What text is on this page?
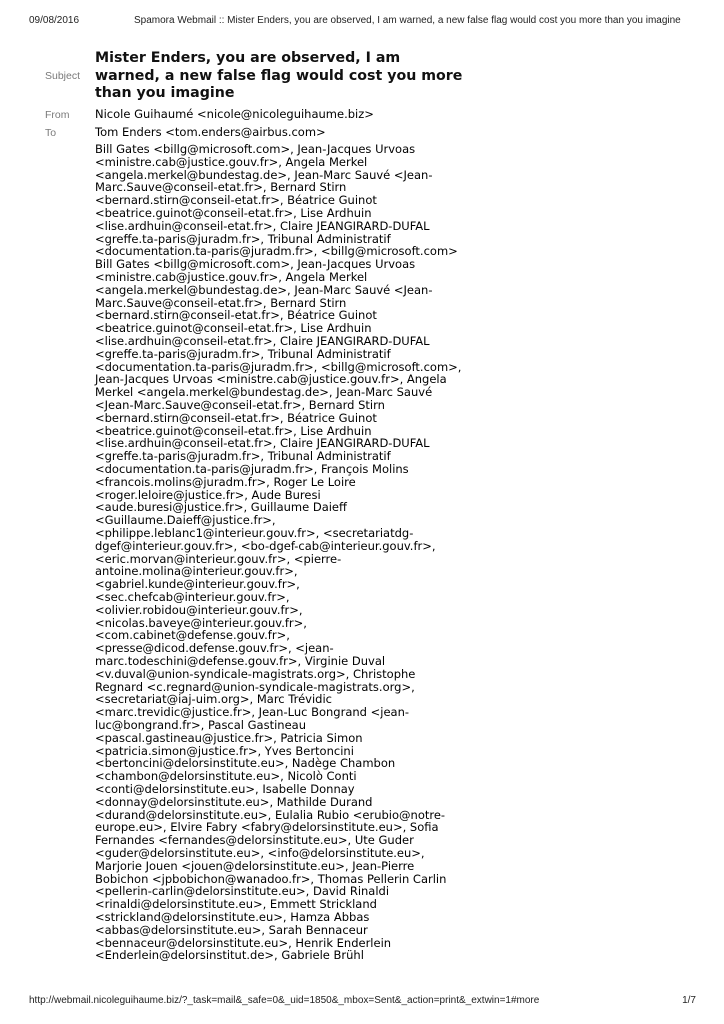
09/08/2016	Spamora Webmail :: Mister Enders, you are observed, I am warned, a new false flag would cost you more than you imagine
Subject
Mister Enders, you are observed, I am warned, a new false flag would cost you more than you imagine
From	Nicole Guihaumé <nicole@nicoleguihaume.biz>
To	Tom Enders <tom.enders@airbus.com>
Bill Gates <billg@microsoft.com>, Jean-Jacques Urvoas <ministre.cab@justice.gouv.fr>, Angela Merkel <angela.merkel@bundestag.de>, Jean-Marc Sauvé <Jean-Marc.Sauve@conseil-etat.fr>, Bernard Stirn <bernard.stirn@conseil-etat.fr>, Béatrice Guinot <beatrice.guinot@conseil-etat.fr>, Lise Ardhuin <lise.ardhuin@conseil-etat.fr>, Claire JEANGIRARD-DUFAL <greffe.ta-paris@juradm.fr>, Tribunal Administratif <documentation.ta-paris@juradm.fr>, <billg@microsoft.com> Bill Gates <billg@microsoft.com>, Jean-Jacques Urvoas <ministre.cab@justice.gouv.fr>, Angela Merkel <angela.merkel@bundestag.de>, Jean-Marc Sauvé <Jean-Marc.Sauve@conseil-etat.fr>, Bernard Stirn <bernard.stirn@conseil-etat.fr>, Béatrice Guinot <beatrice.guinot@conseil-etat.fr>, Lise Ardhuin <lise.ardhuin@conseil-etat.fr>, Claire JEANGIRARD-DUFAL <greffe.ta-paris@juradm.fr>, Tribunal Administratif <documentation.ta-paris@juradm.fr>, <billg@microsoft.com>, Jean-Jacques Urvoas <ministre.cab@justice.gouv.fr>, Angela Merkel <angela.merkel@bundestag.de>, Jean-Marc Sauvé <Jean-Marc.Sauve@conseil-etat.fr>, Bernard Stirn <bernard.stirn@conseil-etat.fr>, Béatrice Guinot <beatrice.guinot@conseil-etat.fr>, Lise Ardhuin <lise.ardhuin@conseil-etat.fr>, Claire JEANGIRARD-DUFAL <greffe.ta-paris@juradm.fr>, Tribunal Administratif <documentation.ta-paris@juradm.fr>, François Molins <francois.molins@juradm.fr>, Roger Le Loire <roger.leloire@justice.fr>, Aude Buresi <aude.buresi@justice.fr>, Guillaume Daieff <Guillaume.Daieff@justice.fr>, <philippe.leblanc1@interieur.gouv.fr>, <secretariatdg-dgef@interieur.gouv.fr>, <bo-dgef-cab@interieur.gouv.fr>, <eric.morvan@interieur.gouv.fr>, <pierre-antoine.molina@interieur.gouv.fr>, <gabriel.kunde@interieur.gouv.fr>, <sec.chefcab@interieur.gouv.fr>, <olivier.robidou@interieur.gouv.fr>, <nicolas.baveye@interieur.gouv.fr>, <com.cabinet@defense.gouv.fr>, <presse@dicod.defense.gouv.fr>, <jean-marc.todeschini@defense.gouv.fr>, Virginie Duval <v.duval@union-syndicale-magistrats.org>, Christophe Regnard <c.regnard@union-syndicale-magistrats.org>, <secretariat@iaj-uim.org>, Marc Trévidic <marc.trevidic@justice.fr>, Jean-Luc Bongrand <jean-luc@bongrand.fr>, Pascal Gastineau <pascal.gastineau@justice.fr>, Patricia Simon <patricia.simon@justice.fr>, Yves Bertoncini <bertoncini@delorsinstitute.eu>, Nadège Chambon <chambon@delorsinstitute.eu>, Nicolò Conti <conti@delorsinstitute.eu>, Isabelle Donnay <donnay@delorsinstitute.eu>, Mathilde Durand <durand@delorsinstitute.eu>, Eulalia Rubio <erubio@notre-europe.eu>, Elvire Fabry <fabry@delorsinstitute.eu>, Sofia Fernandes <fernandes@delorsinstitute.eu>, Ute Guder <guder@delorsinstitute.eu>, <info@delorsinstitute.eu>, Marjorie Jouen <jouen@delorsinstitute.eu>, Jean-Pierre Bobichon <jpbobichon@wanadoo.fr>, Thomas Pellerin Carlin <pellerin-carlin@delorsinstitute.eu>, David Rinaldi <rinaldi@delorsinstitute.eu>, Emmett Strickland <strickland@delorsinstitute.eu>, Hamza Abbas <abbas@delorsinstitute.eu>, Sarah Bennaceur <bennaceur@delorsinstitute.eu>, Henrik Enderlein <Enderlein@delorsinstitut.de>, Gabriele Brühl
http://webmail.nicoleguihaume.biz/?_task=mail&_safe=0&_uid=1850&_mbox=Sent&_action=print&_extwin=1#more	1/7
